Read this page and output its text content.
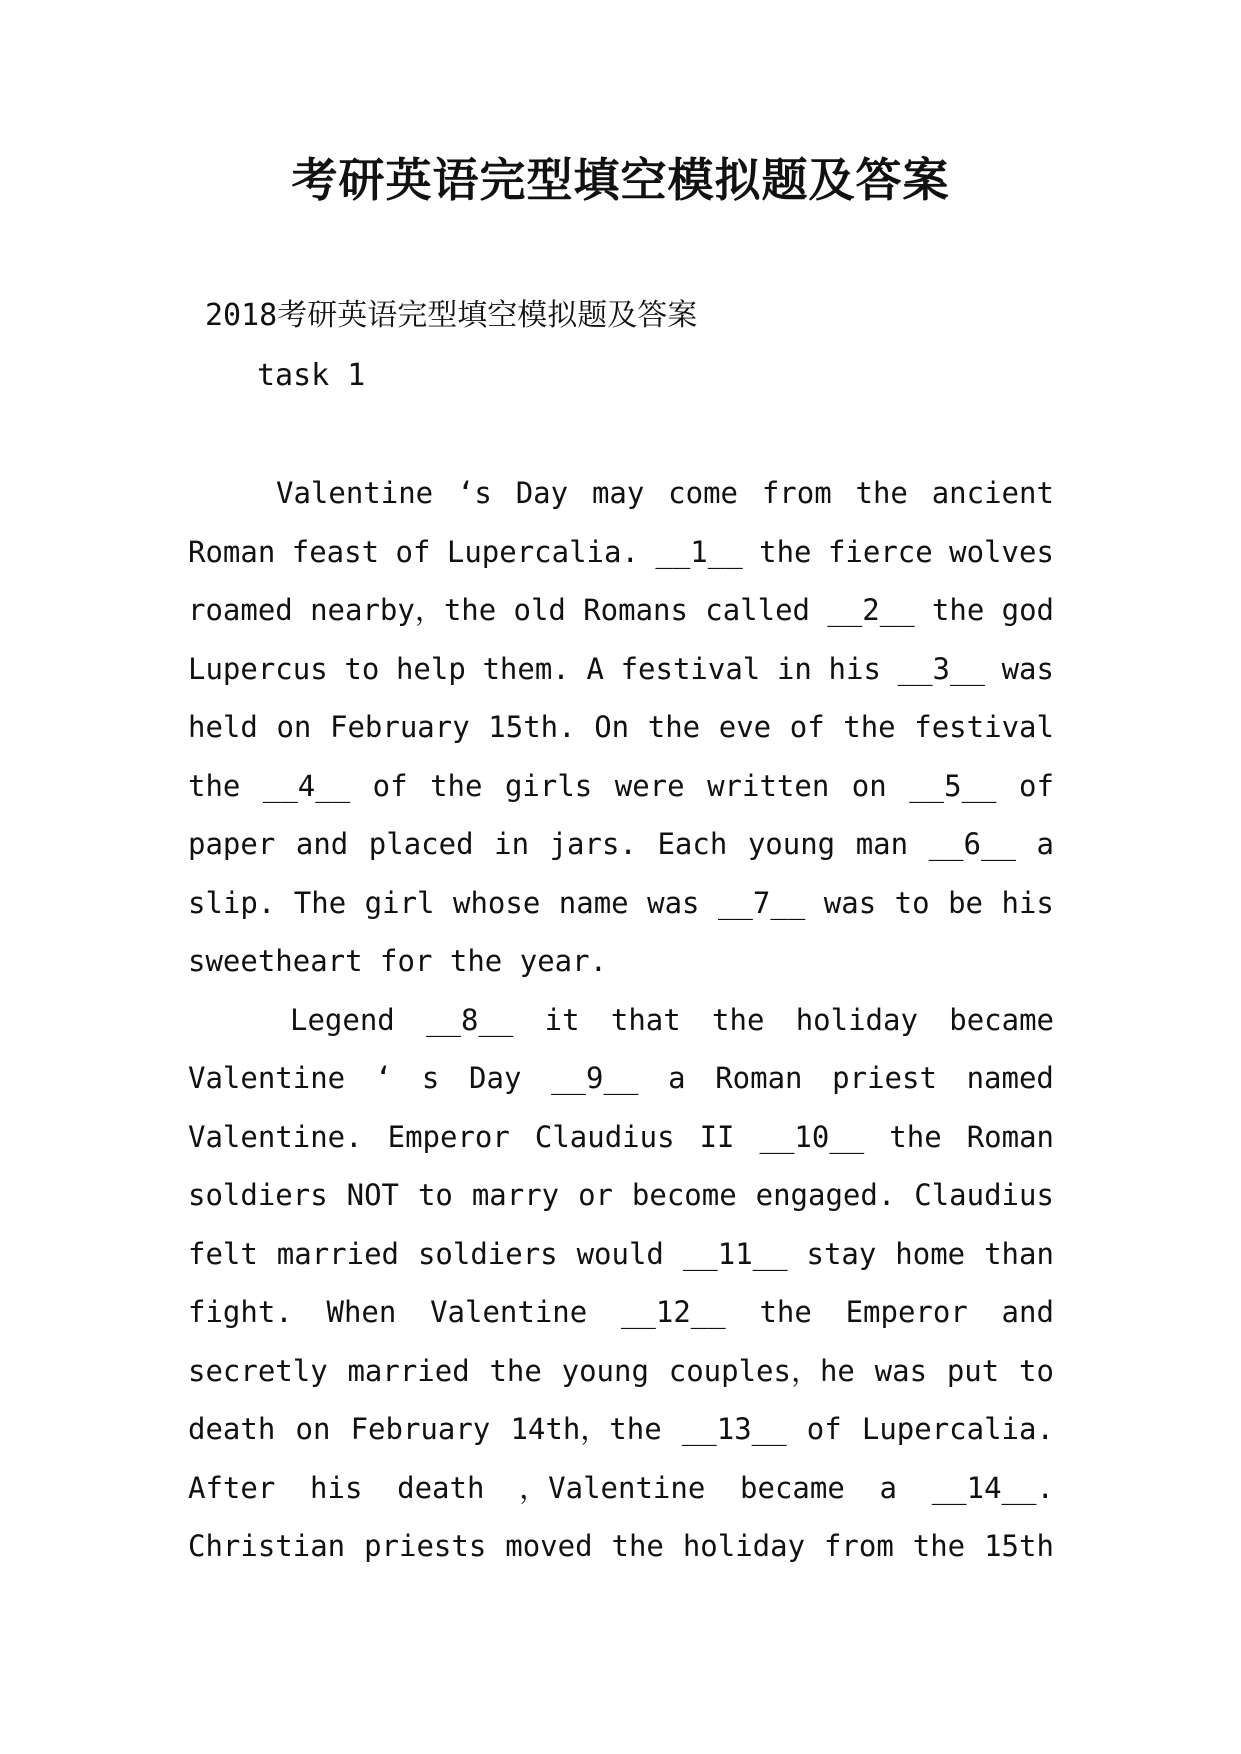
考研英语完型填空模拟题及答案

2018考研英语完型填空模拟题及答案

task 1

Valentine ‘s Day may come from the ancient
Roman feast of Lupercalia. __1__ the fierce wolves
roamed nearby，the old Romans called __2__ the god
Lupercus to help them. A festival in his __3__ was
held on February 15th. On the eve of the festival
the __4__ of the girls were written on __5__ of
paper and placed in jars. Each young man __6__ a
slip. The girl whose name was __7__ was to be his
sweetheart for the year.
Legend __8__ it that the holiday became
Valentine ‘ s Day __9__ a Roman priest named
Valentine. Emperor Claudius II __10__ the Roman
soldiers NOT to marry or become engaged. Claudius
felt married soldiers would __11__ stay home than
fight. When Valentine __12__ the Emperor and
secretly married the young couples，he was put to
death on February 14th，the __13__ of Lupercalia.
After his death ，Valentine became a __14__.
Christian priests moved the holiday from the 15th
